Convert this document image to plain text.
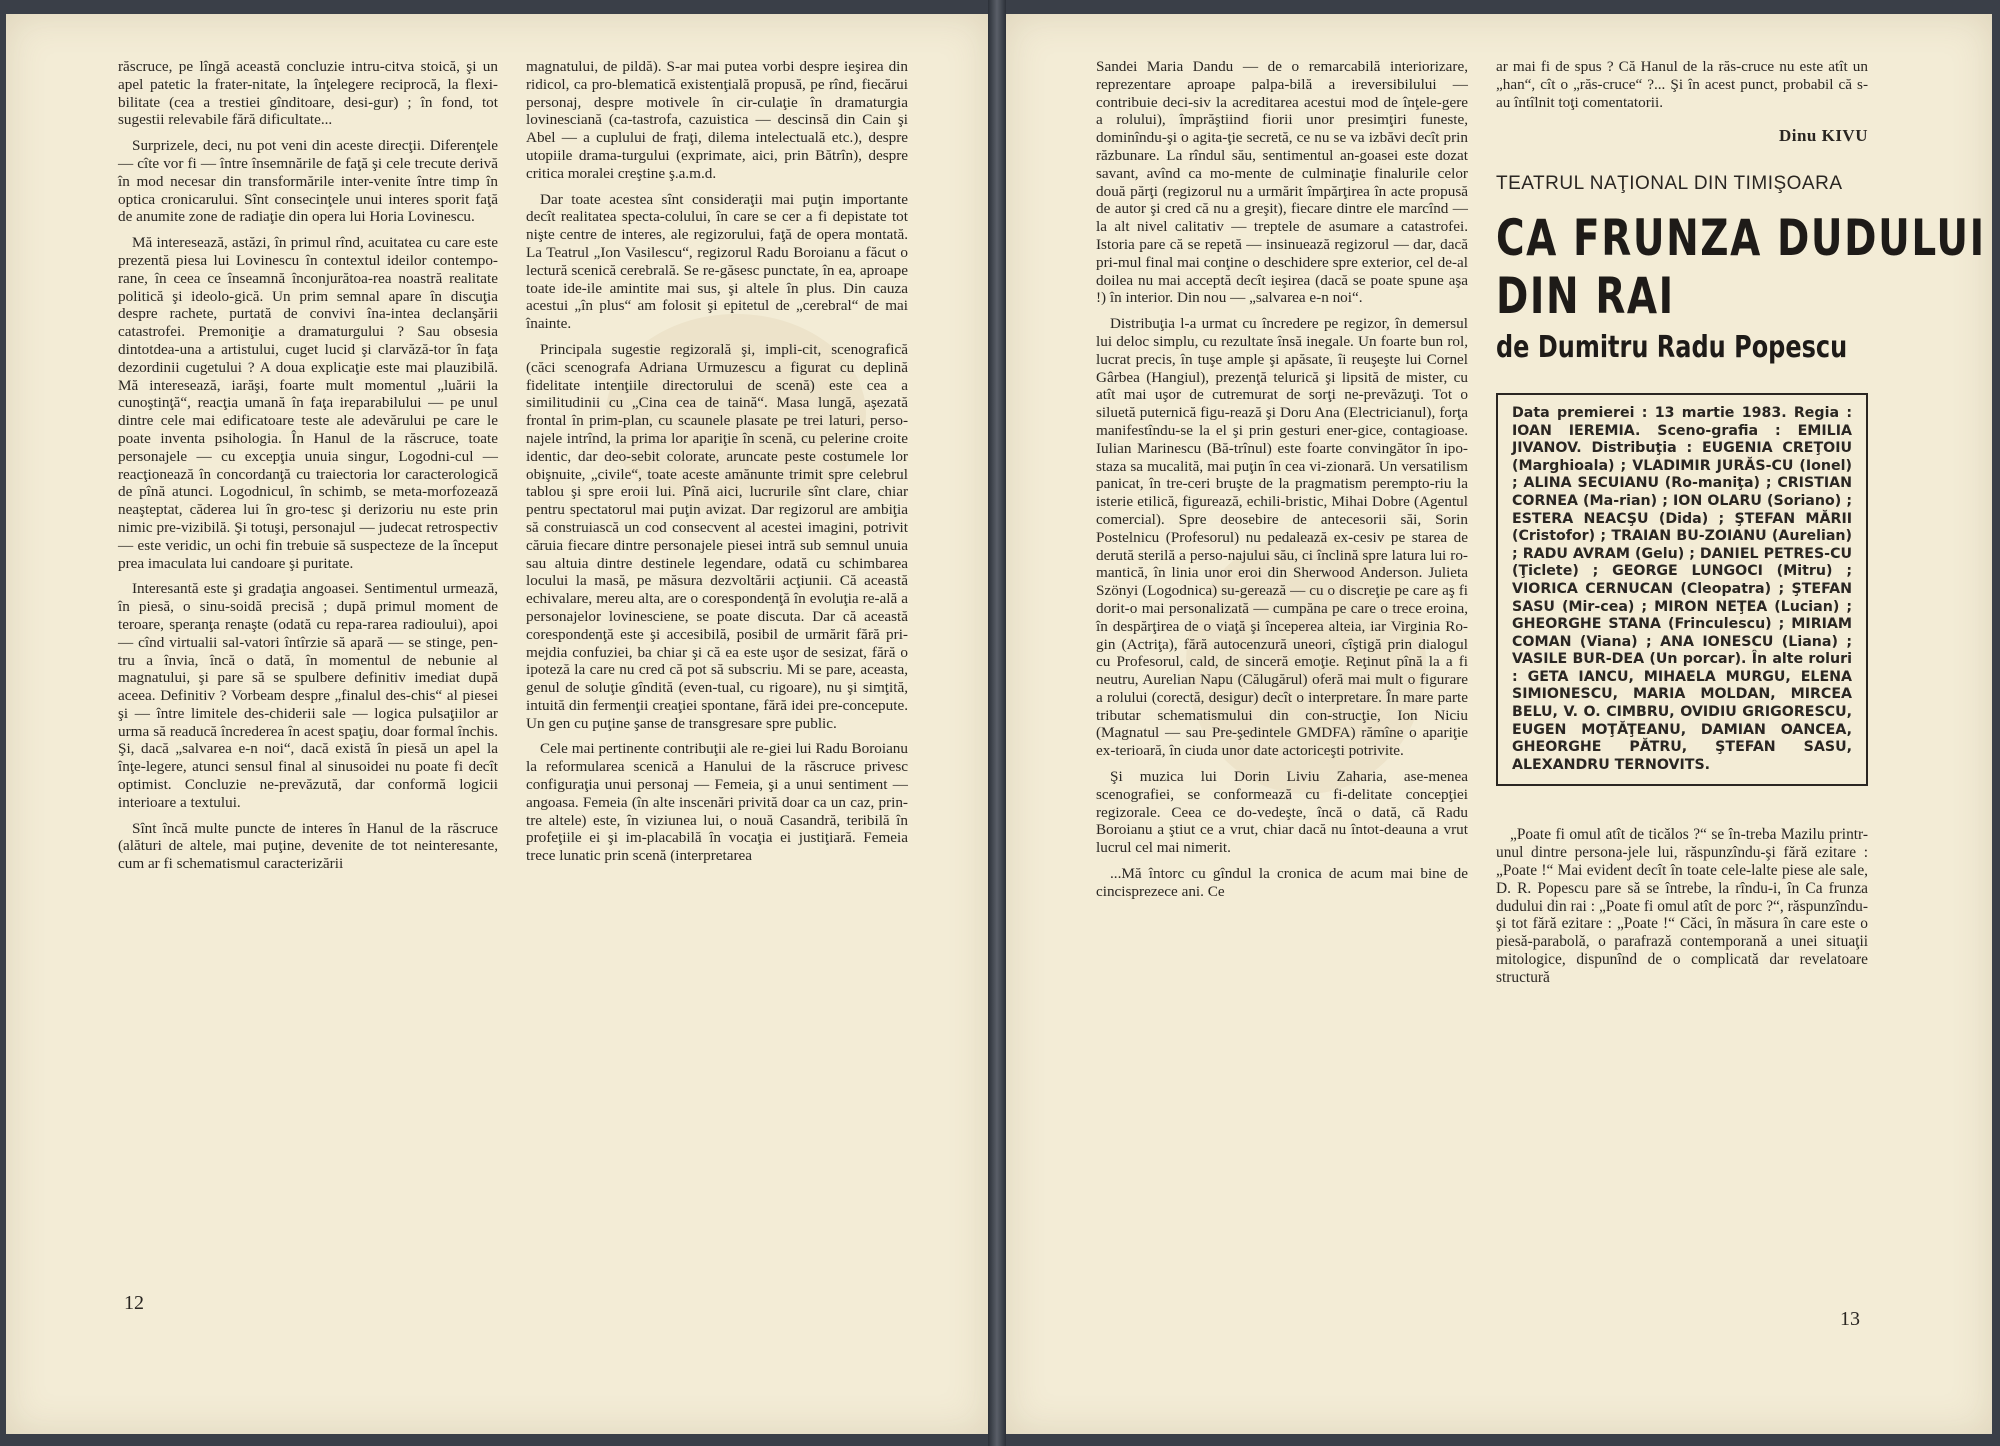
răscruce, pe lîngă această concluzie intru-citva stoică, şi un apel patetic la frater-nitate, la înţelegere reciprocă, la flexi-bilitate (cea a trestiei gînditoare, desi-gur) ; în fond, tot sugestii relevabile fără dificultate...

Surprizele, deci, nu pot veni din aceste direcţii. Diferenţele — cîte vor fi — între însemnările de faţă şi cele trecute derivă în mod necesar din transformările inter-venite între timp în optica cronicarului. Sînt consecinţele unui interes sporit faţă de anumite zone de radiaţie din opera lui Horia Lovinescu.

Mă interesează, astăzi, în primul rînd, acuitatea cu care este prezentă piesa lui Lovinescu în contextul ideilor contempo-rane, în ceea ce înseamnă înconjurătoa-rea noastră realitate politică şi ideolo-gică. Un prim semnal apare în discuţia despre rachete, purtată de convivi îna-intea declanşării catastrofei. Premoniţie a dramaturgului ? Sau obsesia dintotdea-una a artistului, cuget lucid şi clarvăză-tor în faţa dezordinii cugetului ? A doua explicaţie este mai plauzibilă. Mă interesează, iarăşi, foarte mult momentul „luării la cunoştinţă“, reacţia umană în faţa ireparabilului — pe unul dintre cele mai edificatoare teste ale adevărului pe care le poate inventa psihologia. În Hanul de la răscruce, toate personajele — cu excepţia unuia singur, Logodni-cul — reacţionează în concordanţă cu traiectoria lor caracterologică de pînă atunci. Logodnicul, în schimb, se meta-morfozează neaşteptat, căderea lui în gro-tesc şi derizoriu nu este prin nimic pre-vizibilă. Şi totuşi, personajul — judecat retrospectiv — este veridic, un ochi fin trebuie să suspecteze de la început prea imaculata lui candoare şi puritate.

Interesantă este şi gradaţia angoasei. Sentimentul urmează, în piesă, o sinu-soidă precisă ; după primul moment de teroare, speranţa renaşte (odată cu repa-rarea radioului), apoi — cînd virtualii sal-vatori întîrzie să apară — se stinge, pen-tru a învia, încă o dată, în momentul de nebunie al magnatului, şi pare să se spulbere definitiv imediat după aceea. Definitiv ? Vorbeam despre „finalul des-chis“ al piesei şi — între limitele des-chiderii sale — logica pulsaţiilor ar urma să readucă încrederea în acest spaţiu, doar formal închis. Şi, dacă „salvarea e-n noi“, dacă există în piesă un apel la înţe-legere, atunci sensul final al sinusoidei nu poate fi decît optimist. Concluzie ne-prevăzută, dar conformă logicii interioare a textului.

Sînt încă multe puncte de interes în Hanul de la răscruce (alături de altele, mai puţine, devenite de tot neinteresante, cum ar fi schematismul caracterizării

magnatului, de pildă). S-ar mai putea vorbi despre ieşirea din ridicol, ca pro-blematică existenţială propusă, pe rînd, fiecărui personaj, despre motivele în cir-culaţie în dramaturgia lovinesciană (ca-tastrofa, cazuistica — descinsă din Cain şi Abel — a cuplului de fraţi, dilema intelectuală etc.), despre utopiile drama-turgului (exprimate, aici, prin Bătrîn), despre critica moralei creştine ş.a.m.d.

Dar toate acestea sînt consideraţii mai puţin importante decît realitatea specta-colului, în care se cer a fi depistate tot nişte centre de interes, ale regizorului, faţă de opera montată. La Teatrul „Ion Vasilescu“, regizorul Radu Boroianu a făcut o lectură scenică cerebrală. Se re-găsesc punctate, în ea, aproape toate ide-ile amintite mai sus, şi altele în plus. Din cauza acestui „în plus“ am folosit şi epitetul de „cerebral“ de mai înainte.

Principala sugestie regizorală şi, impli-cit, scenografică (căci scenografa Adriana Urmuzescu a figurat cu deplină fidelitate intenţiile directorului de scenă) este cea a similitudinii cu „Cina cea de taină“. Masa lungă, aşezată frontal în prim-plan, cu scaunele plasate pe trei laturi, perso-najele intrînd, la prima lor apariţie în scenă, cu pelerine croite identic, dar deo-sebit colorate, aruncate peste costumele lor obişnuite, „civile“, toate aceste amănunte trimit spre celebrul tablou şi spre eroii lui. Pînă aici, lucrurile sînt clare, chiar pentru spectatorul mai puţin avizat. Dar regizorul are ambiţia să construiască un cod consecvent al acestei imagini, potrivit căruia fiecare dintre personajele piesei intră sub semnul unuia sau altuia dintre destinele legendare, odată cu schimbarea locului la masă, pe măsura dezvoltării acţiunii. Că această echivalare, mereu alta, are o corespondenţă în evoluţia re-ală a personajelor lovinesciene, se poate discuta. Dar că această corespondenţă este şi accesibilă, posibil de urmărit fără pri-mejdia confuziei, ba chiar şi că ea este uşor de sesizat, fără o ipoteză la care nu cred că pot să subscriu. Mi se pare, aceasta, genul de soluţie gîndită (even-tual, cu rigoare), nu şi simţită, intuită din fermenţii creaţiei spontane, fără idei pre-concepute. Un gen cu puţine şanse de transgresare spre public.

Cele mai pertinente contribuţii ale re-giei lui Radu Boroianu la reformularea scenică a Hanului de la răscruce privesc configuraţia unui personaj — Femeia, şi a unui sentiment — angoasa. Femeia (în alte inscenări privită doar ca un caz, prin-tre altele) este, în viziunea lui, o nouă Casandră, teribilă în profeţiile ei şi im-placabilă în vocaţia ei justiţiară. Femeia trece lunatic prin scenă (interpretarea

12

Sandei Maria Dandu — de o remarcabilă interiorizare, reprezentare aproape palpa-bilă a ireversibilului — contribuie deci-siv la acreditarea acestui mod de înţele-gere a rolului), împrăştiind fiorii unor presimţiri funeste, dominîndu-şi o agita-ţie secretă, ce nu se va izbăvi decît prin răzbunare. La rîndul său, sentimentul an-goasei este dozat savant, avînd ca mo-mente de culminaţie finalurile celor două părţi (regizorul nu a urmărit împărţirea în acte propusă de autor şi cred că nu a greşit), fiecare dintre ele marcînd — la alt nivel calitativ — treptele de asumare a catastrofei. Istoria pare că se repetă — insinuează regizorul — dar, dacă pri-mul final mai conţine o deschidere spre exterior, cel de-al doilea nu mai acceptă decît ieşirea (dacă se poate spune aşa !) în interior. Din nou — „salvarea e-n noi“.

Distribuţia l-a urmat cu încredere pe regizor, în demersul lui deloc simplu, cu rezultate însă inegale. Un foarte bun rol, lucrat precis, în tuşe ample şi apăsate, îi reuşeşte lui Cornel Gârbea (Hangiul), prezenţă telurică şi lipsită de mister, cu atît mai uşor de cutremurat de sorţi ne-prevăzuţi. Tot o siluetă puternică figu-rează şi Doru Ana (Electricianul), forţa manifestîndu-se la el şi prin gesturi ener-gice, contagioase. Iulian Marinescu (Bă-trînul) este foarte convingător în ipo-staza sa mucalită, mai puţin în cea vi-zionară. Un versatilism panicat, în tre-ceri bruşte de la pragmatism perempto-riu la isterie etilică, figurează, echili-bristic, Mihai Dobre (Agentul comercial). Spre deosebire de antecesorii săi, Sorin Postelnicu (Profesorul) nu pedalează ex-cesiv pe starea de derută sterilă a perso-najului său, ci înclină spre latura lui ro-mantică, în linia unor eroi din Sherwood Anderson. Julieta Szönyi (Logodnica) su-gerează — cu o discreţie pe care aş fi dorit-o mai personalizată — cumpăna pe care o trece eroina, în despărţirea de o viaţă şi începerea alteia, iar Virginia Ro-gin (Actriţa), fără autocenzură uneori, cîştigă prin dialogul cu Profesorul, cald, de sinceră emoţie. Reţinut pînă la a fi neutru, Aurelian Napu (Călugărul) oferă mai mult o figurare a rolului (corectă, desigur) decît o interpretare. În mare parte tributar schematismului din con-strucţie, Ion Niciu (Magnatul — sau Pre-şedintele GMDFA) rămîne o apariţie ex-terioară, în ciuda unor date actoriceşti potrivite.

Şi muzica lui Dorin Liviu Zaharia, ase-menea scenografiei, se conformează cu fi-delitate concepţiei regizorale. Ceea ce do-vedeşte, încă o dată, că Radu Boroianu a ştiut ce a vrut, chiar dacă nu întot-deauna a vrut lucrul cel mai nimerit.

...Mă întorc cu gîndul la cronica de acum mai bine de cincisprezece ani. Ce

ar mai fi de spus ? Că Hanul de la răs-cruce nu este atît un „han“, cît o „răs-cruce“ ?... Şi în acest punct, probabil că s-au întîlnit toţi comentatorii.

Dinu KIVU
TEATRUL NAŢIONAL DIN TIMIŞOARA
CA FRUNZA DUDULUI
DIN RAI
de Dumitru Radu Popescu
Data premierei : 13 martie 1983. Regia : IOAN IEREMIA. Sceno-grafia : EMILIA JIVANOV. Distribuţia : EUGENIA CREŢOIU (Marghioala) ; VLADIMIR JURĂS-CU (Ionel) ; ALINA SECUIANU (Ro-maniţa) ; CRISTIAN CORNEA (Ma-rian) ; ION OLARU (Soriano) ; ESTERA NEACŞU (Dida) ; ŞTEFAN MĂRII (Cristofor) ; TRAIAN BU-ZOIANU (Aurelian) ; RADU AVRAM (Gelu) ; DANIEL PETRES-CU (Ţiclete) ; GEORGE LUNGOCI (Mitru) ; VIORICA CERNUCAN (Cleopatra) ; ŞTEFAN SASU (Mir-cea) ; MIRON NEŢEA (Lucian) ; GHEORGHE STANA (Frinculescu) ; MIRIAM COMAN (Viana) ; ANA IONESCU (Liana) ; VASILE BUR-DEA (Un porcar). În alte roluri : GETA IANCU, MIHAELA MURGU, ELENA SIMIONESCU, MARIA MOLDAN, MIRCEA BELU, V. O. CIMBRU, OVIDIU GRIGORESCU, EUGEN MOŢĂŢEANU, DAMIAN OANCEA, GHEORGHE PĂTRU, ŞTEFAN SASU, ALEXANDRU TERNOVITS.

„Poate fi omul atît de ticălos ?“ se în-treba Mazilu printr-unul dintre persona-jele lui, răspunzîndu-şi fără ezitare : „Poate !“ Mai evident decît în toate cele-lalte piese ale sale, D. R. Popescu pare să se întrebe, la rîndu-i, în Ca frunza dudului din rai : „Poate fi omul atît de porc ?“, răspunzîndu-şi tot fără ezitare : „Poate !“ Căci, în măsura în care este o piesă-parabolă, o parafrază contemporană a unei situaţii mitologice, dispunînd de o complicată dar revelatoare structură

13
